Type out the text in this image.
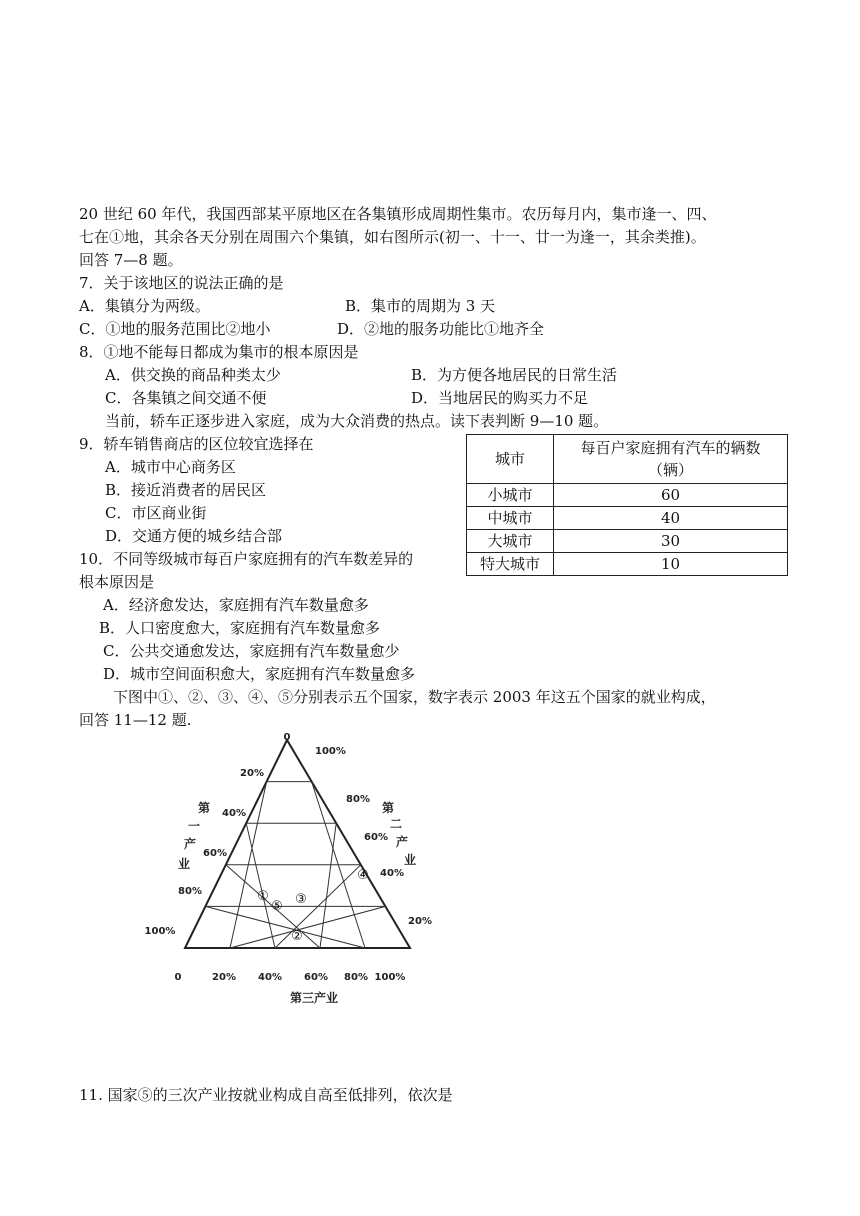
20 世纪 60 年代，我国西部某平原地区在各集镇形成周期性集市。农历每月内，集市逢一、四、
七在①地，其余各天分别在周围六个集镇，如右图所示(初一、十一、廿一为逢一，其余类推)。
回答 7—8 题。
7．关于该地区的说法正确的是
A．集镇分为两级。	B．集市的周期为 3 天
C．①地的服务范围比②地小	D．②地的服务功能比①地齐全
8．①地不能每日都成为集市的根本原因是
A．供交换的商品种类太少	B．为方便各地居民的日常生活
C．各集镇之间交通不便	D．当地居民的购买力不足
当前，轿车正逐步进入家庭，成为大众消费的热点。读下表判断 9—10 题。
9．轿车销售商店的区位较宜选择在
A．城市中心商务区
B．接近消费者的居民区
C．市区商业街
D．交通方便的城乡结合部
城市	每百户家庭拥有汽车的辆数
（辆）

小城市	60
中城市	40
大城市	30
特大城市	10
10．不同等级城市每百户家庭拥有的汽车数差异的
根本原因是
A．经济愈发达，家庭拥有汽车数量愈多
B．人口密度愈大，家庭拥有汽车数量愈多
C．公共交通愈发达，家庭拥有汽车数量愈少
D．城市空间面积愈大，家庭拥有汽车数量愈多
下图中①、②、③、④、⑤分别表示五个国家，数字表示 2003 年这五个国家的就业构成，
回答 11—12 题.
0
100%
20%
40%
60%
80%
100%
80%
60%
40%
20%
0	20% 40% 60% 80% 100%
第
一
产
业
第
二
产
业
第三产业
①
②
③
④
⑤
11. 国家⑤的三次产业按就业构成自高至低排列，依次是
